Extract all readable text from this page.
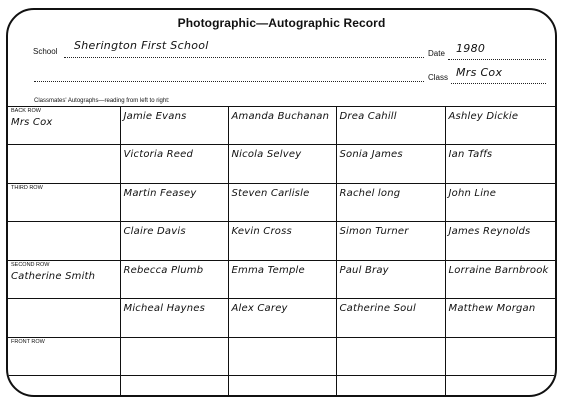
Photographic—Autographic Record
School Sherington First School
Date 1980
Class Mrs Cox
Classmates' Autographs—reading from left to right:
BACK ROW
Mrs Cox	Jamie Evans	Amanda Buchanan	Drea Cahill	Ashley Dickie

	Victoria Reed	Nicola Selvey	Sonia James	Ian Taffs

THIRD ROW	Martin Feasey	Steven Carlisle	Rachel long	John Line

	Claire Davis	Kevin Cross	Simon Turner	James Reynolds

SECOND ROW
Catherine Smith	Rebecca Plumb	Emma Temple	Paul Bray	Lorraine Barnbrook

	Micheal Haynes	Alex Carey	Catherine Soul	Matthew Morgan

FRONT ROW				
